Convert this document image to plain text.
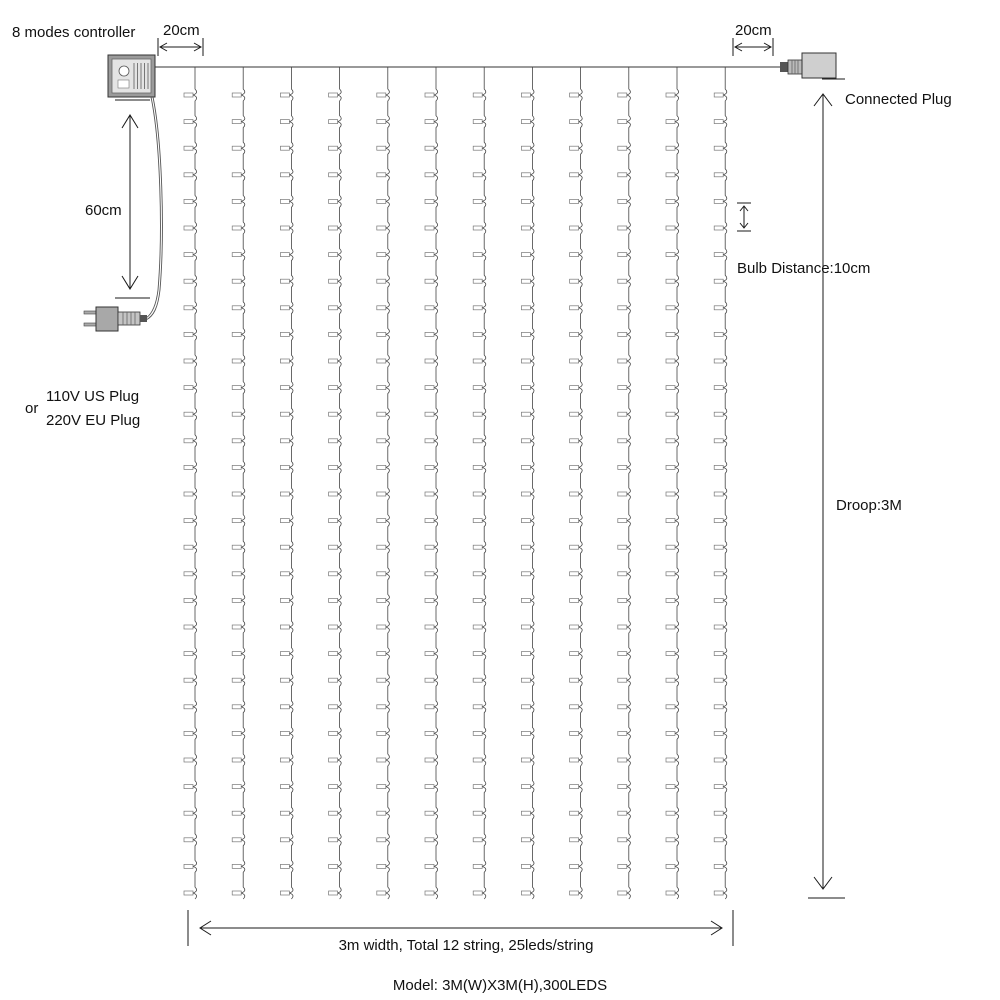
8 modes controller 20cm	20cm
Connected Plug
60cm
or
110V US Plug
220V EU Plug
Bulb Distance:10cm
Droop:3M
3m width, Total 12 string, 25leds/string
Model: 3M(W)X3M(H),300LEDS
